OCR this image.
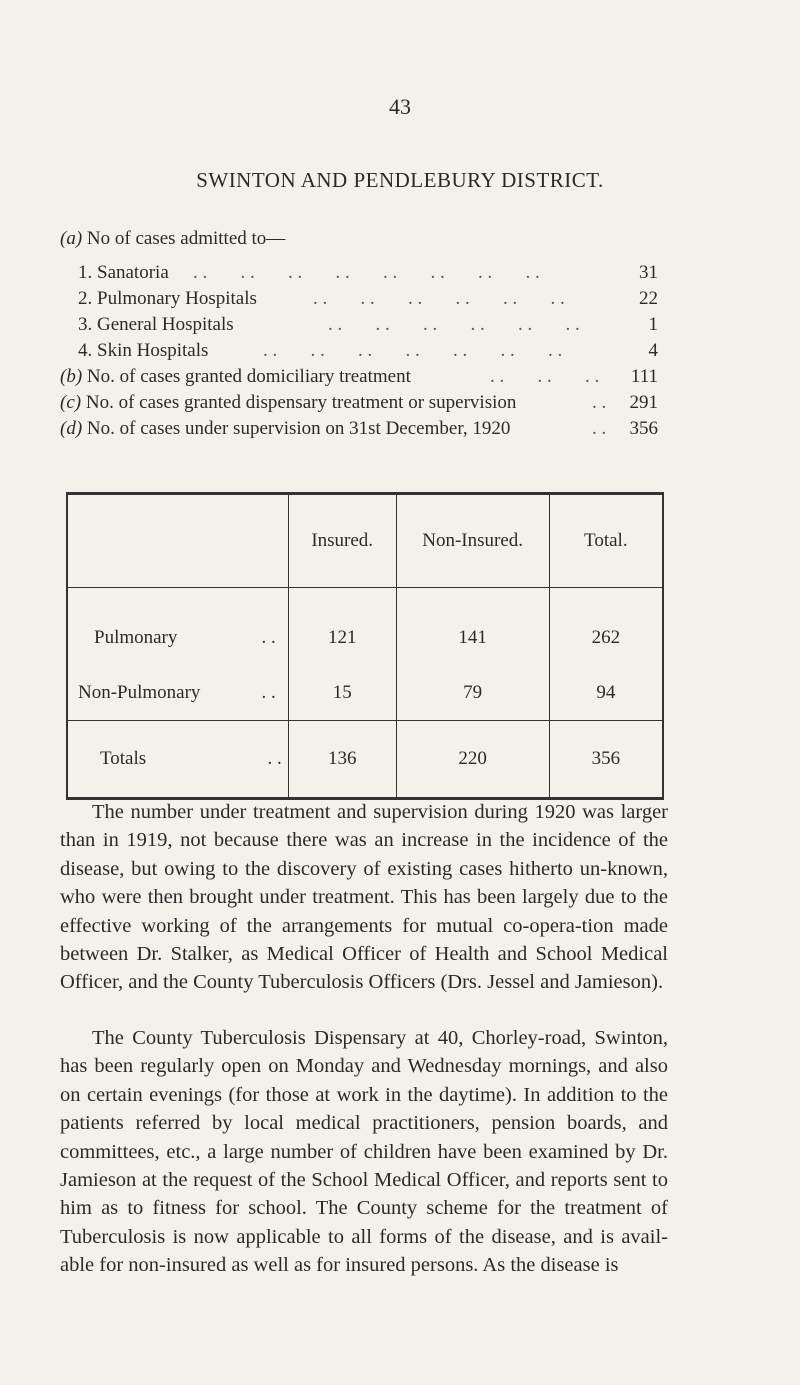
43
SWINTON AND PENDLEBURY DISTRICT.
(a) No of cases admitted to—
1. Sanatoria . .       . .       . .       . .       . .       . .       . .       . .	31
2. Pulmonary Hospitals	. .       . .       . .       . .       . .       . .	22
3. General Hospitals	. .       . .       . .       . .       . .       . .	1
4. Skin Hospitals	. .       . .       . .       . .       . .       . .       . .	4
(b) No. of cases granted domiciliary treatment	. .       . .       . . 111
(c) No. of cases granted dispensary treatment or supervision	. . 291
(d) No. of cases under supervision on 31st December, 1920	. . 356
	Insured.	Non-Insured.	Total.
Pulmonary . .	121	141	262
Non-Pulmonary . .	15	79	94
Totals . .	136	220	356

The number under treatment and supervision during 1920 was larger than in 1919, not because there was an increase in the incidence of the disease, but owing to the discovery of existing cases hitherto un-known, who were then brought under treatment. This has been largely due to the effective working of the arrangements for mutual co-opera-tion made between Dr. Stalker, as Medical Officer of Health and School Medical Officer, and the County Tuberculosis Officers (Drs. Jessel and Jamieson).

The County Tuberculosis Dispensary at 40, Chorley-road, Swinton, has been regularly open on Monday and Wednesday mornings, and also on certain evenings (for those at work in the daytime). In addition to the patients referred by local medical practitioners, pension boards, and committees, etc., a large number of children have been examined by Dr. Jamieson at the request of the School Medical Officer, and reports sent to him as to fitness for school. The County scheme for the treatment of Tuberculosis is now applicable to all forms of the disease, and is avail-able for non-insured as well as for insured persons. As the disease is
